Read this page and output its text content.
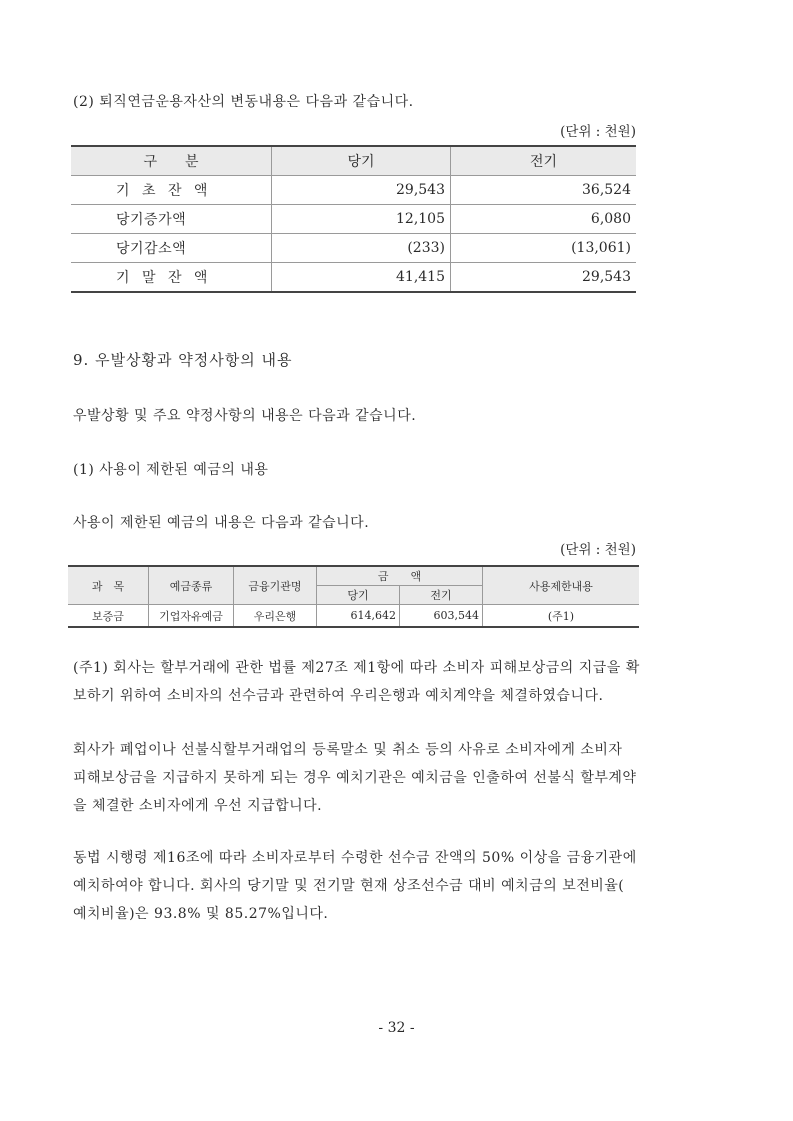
(2) 퇴직연금운용자산의 변동내용은 다음과 같습니다.
(단위 : 천원)
구　　분	당기	전기
기 초 잔 액	29,543	36,524
당기증가액	12,105	6,080
당기감소액	(233)	(13,061)
기 말 잔 액	41,415	29,543
9. 우발상황과 약정사항의 내용
우발상황 및 주요 약정사항의 내용은 다음과 같습니다.
(1) 사용이 제한된 예금의 내용
사용이 제한된 예금의 내용은 다음과 같습니다.
(단위 : 천원)
과　목	예금종류	금융기관명	금　　액		사용제한내용
			당기	전기	
보증금	기업자유예금	우리은행	614,642	603,544	(주1)
(주1) 회사는 할부거래에 관한 법률 제27조 제1항에 따라 소비자 피해보상금의 지급을 확
보하기 위하여 소비자의 선수금과 관련하여 우리은행과 예치계약을 체결하였습니다.
회사가 폐업이나 선불식할부거래업의 등록말소 및 취소 등의 사유로 소비자에게 소비자
피해보상금을 지급하지 못하게 되는 경우 예치기관은 예치금을 인출하여 선불식 할부계약
을 체결한 소비자에게 우선 지급합니다.
동법 시행령 제16조에 따라 소비자로부터 수령한 선수금 잔액의 50% 이상을 금융기관에
예치하여야 합니다. 회사의 당기말 및 전기말 현재 상조선수금 대비 예치금의 보전비율(
예치비율)은 93.8% 및 85.27%입니다.
- 32 -
